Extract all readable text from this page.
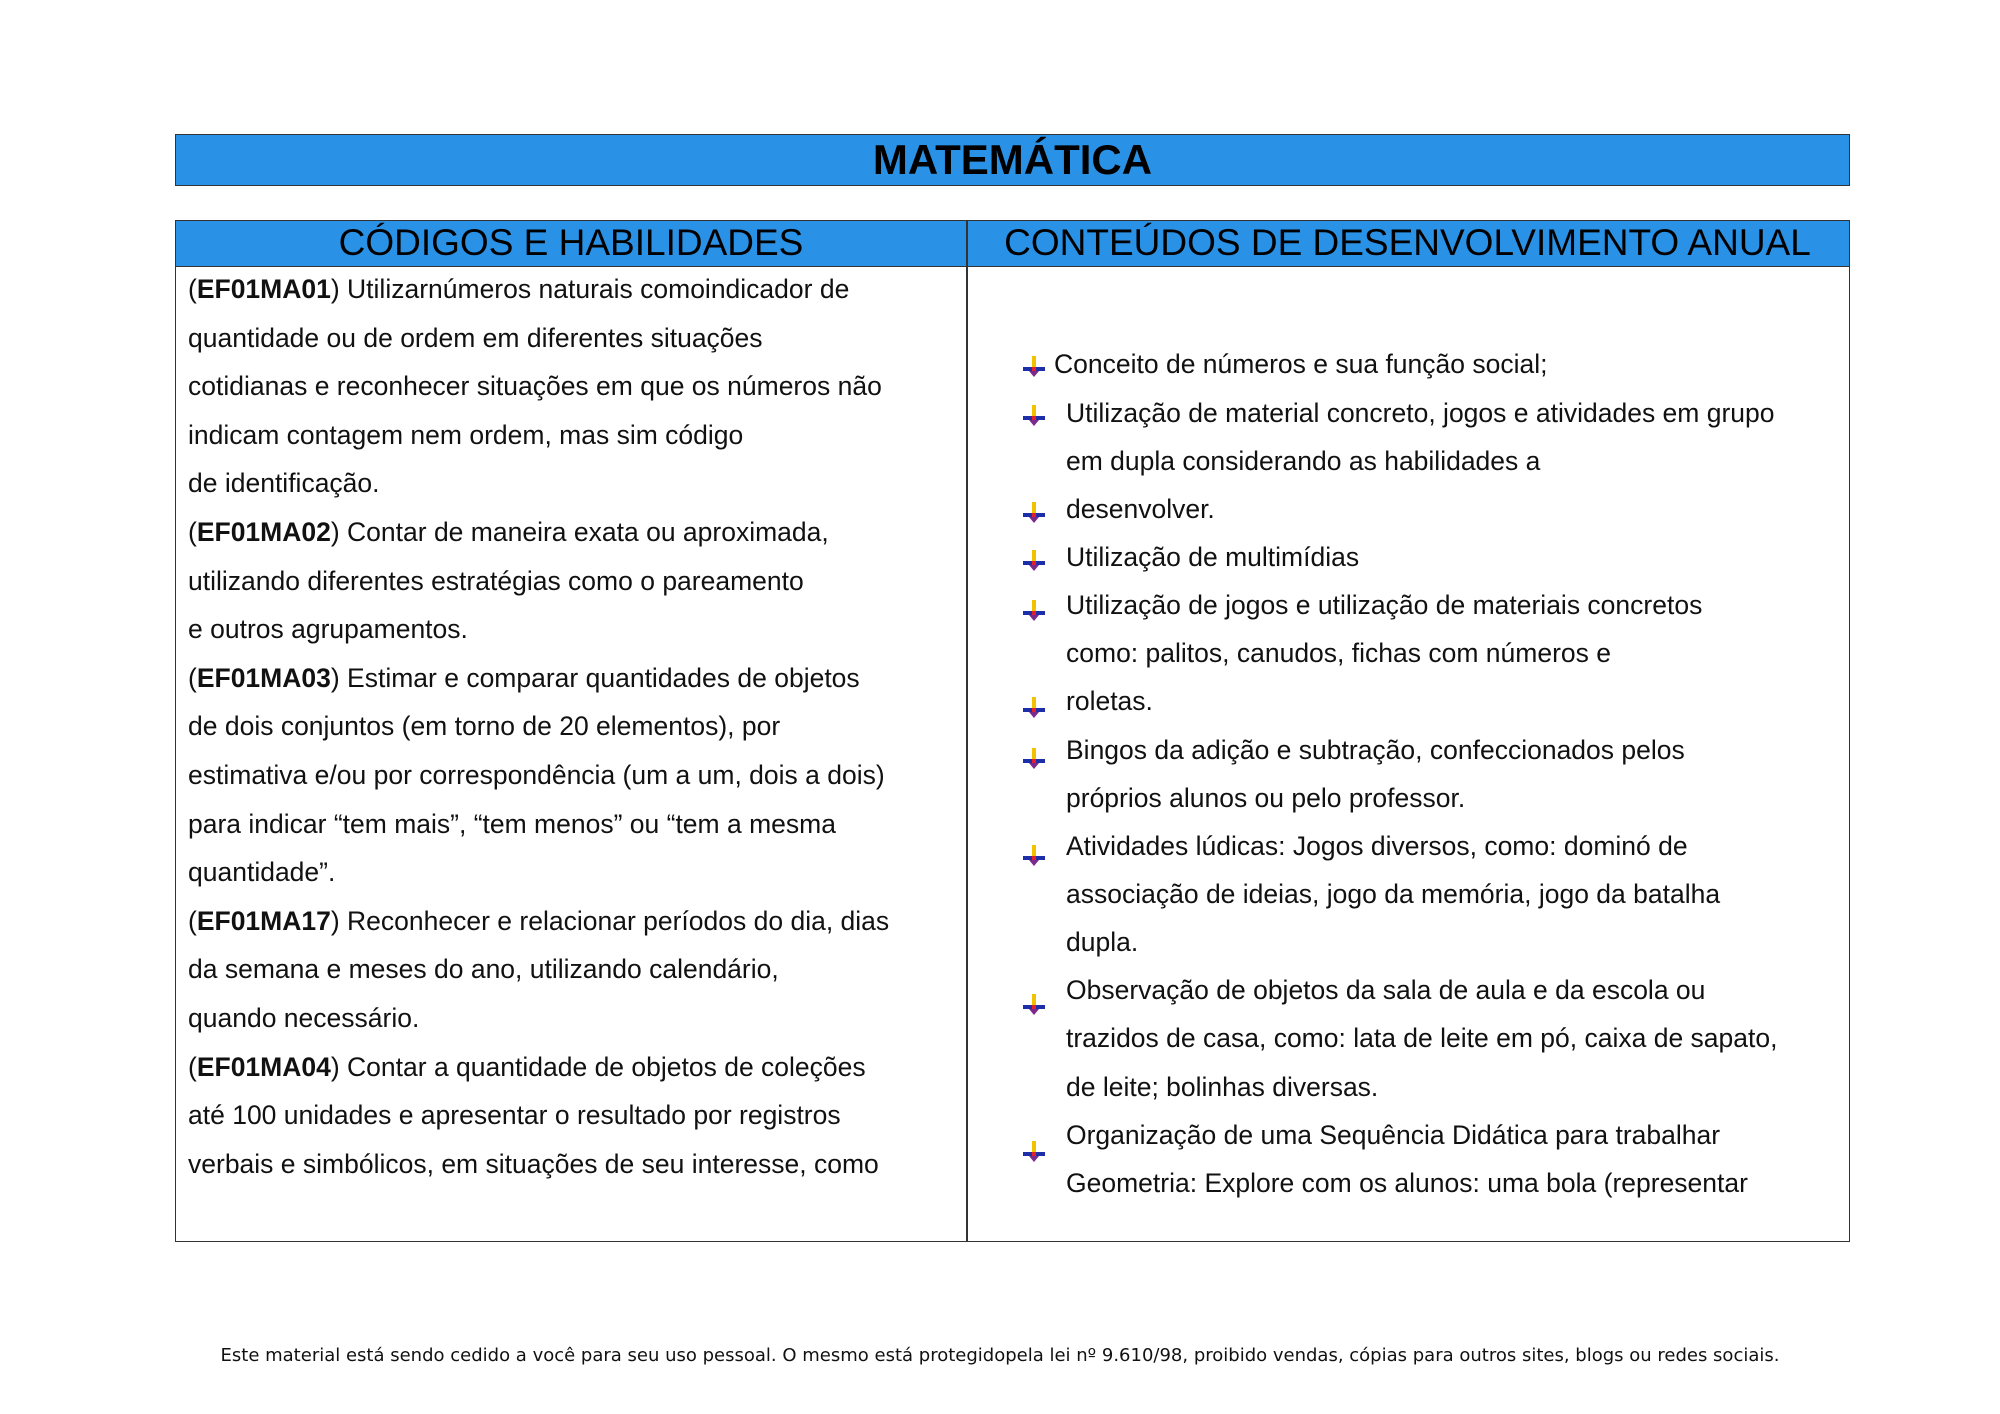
MATEMÁTICA
CÓDIGOS E HABILIDADES	CONTEÚDOS DE DESENVOLVIMENTO ANUAL

(EF01MA01) Utilizarnúmeros naturais comoindicador de
quantidade ou de ordem em diferentes situações
cotidianas e reconhecer situações em que os números não
indicam contagem nem ordem, mas sim código
de identificação.

(EF01MA02) Contar de maneira exata ou aproximada,
utilizando diferentes estratégias como o pareamento
e outros agrupamentos.

(EF01MA03) Estimar e comparar quantidades de objetos
de dois conjuntos (em torno de 20 elementos), por
estimativa e/ou por correspondência (um a um, dois a dois)
para indicar “tem mais”, “tem menos” ou “tem a mesma
quantidade”.

(EF01MA17) Reconhecer e relacionar períodos do dia, dias
da semana e meses do ano, utilizando calendário,
quando necessário.

(EF01MA04) Contar a quantidade de objetos de coleções
até 100 unidades e apresentar o resultado por registros
verbais e simbólicos, em situações de seu interesse, como

Conceito de números e sua função social;
Utilização de material concreto, jogos e atividades em grupo
em dupla considerando as habilidades a
desenvolver.
Utilização de multimídias
Utilização de jogos e utilização de materiais concretos
como: palitos, canudos, fichas com números e
roletas.
Bingos da adição e subtração, confeccionados pelos
próprios alunos ou pelo professor.
Atividades lúdicas: Jogos diversos, como: dominó de
associação de ideias, jogo da memória, jogo da batalha
dupla.
Observação de objetos da sala de aula e da escola ou
trazidos de casa, como: lata de leite em pó, caixa de sapato,
de leite; bolinhas diversas.
Organização de uma Sequência Didática para trabalhar
Geometria: Explore com os alunos: uma bola (representar
Este material está sendo cedido a você para seu uso pessoal. O mesmo está protegidopela lei nº 9.610/98, proibido vendas, cópias para outros sites, blogs ou redes sociais.
